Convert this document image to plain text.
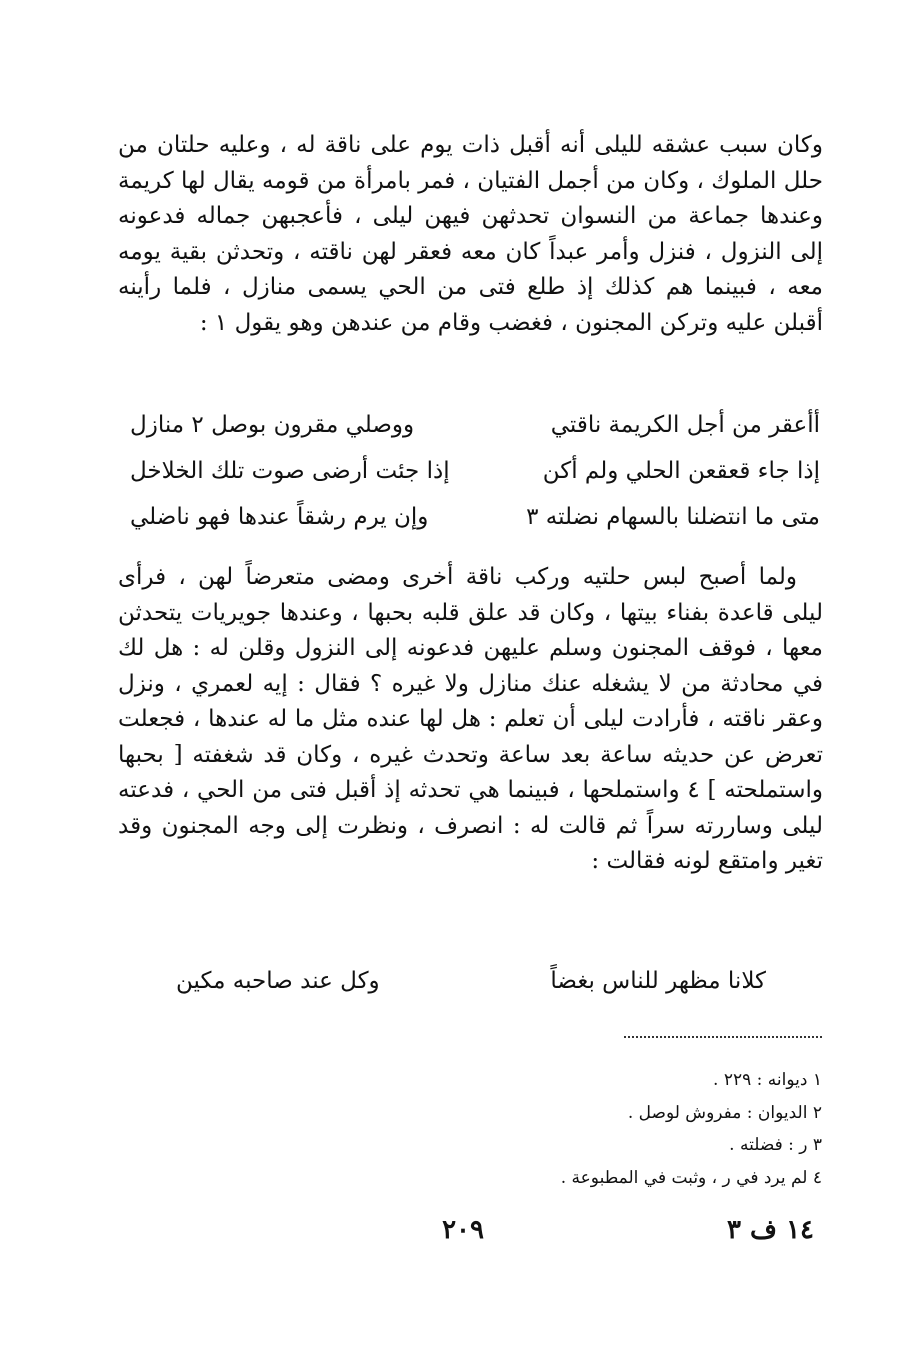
وكان سبب عشقه لليلى أنه أقبل ذات يوم على ناقة له ، وعليه حلتان من
حلل الملوك ، وكان من أجمل الفتيان ، فمر بامرأة من قومه يقال لها كريمة
وعندها جماعة من النسوان تحدثهن فيهن ليلى ، فأعجبهن جماله فدعونه
إلى النزول ، فنزل وأمر عبداً كان معه فعقر لهن ناقته ، وتحدثن بقية يومه
معه ، فبينما هم كذلك إذ طلع فتى من الحي يسمى منازل ، فلما رأينه
أقبلن عليه وتركن المجنون ، فغضب وقام من عندهن وهو يقول ١ :
أأعقر من أجل الكريمة ناقتي
ووصلي مقرون بوصل ٢ منازل
إذا جاء قعقعن الحلي ولم أكن
إذا جئت أرضى صوت تلك الخلاخل
متى ما انتضلنا بالسهام نضلته ٣
وإن يرم رشقاً عندها فهو ناضلي
ولما أصبح لبس حلتيه وركب ناقة أخرى ومضى متعرضاً لهن ، فرأى
ليلى قاعدة بفناء بيتها ، وكان قد علق قلبه بحبها ، وعندها جويريات يتحدثن
معها ، فوقف المجنون وسلم عليهن فدعونه إلى النزول وقلن له : هل لك
في محادثة من لا يشغله عنك منازل ولا غيره ؟ فقال : إيه لعمري ، ونزل
وعقر ناقته ، فأرادت ليلى أن تعلم : هل لها عنده مثل ما له عندها ، فجعلت
تعرض عن حديثه ساعة بعد ساعة وتحدث غيره ، وكان قد شغفته [ بحبها
واستملحته ] ٤ واستملحها ، فبينما هي تحدثه إذ أقبل فتى من الحي ، فدعته
ليلى وساررته سراً ثم قالت له : انصرف ، ونظرت إلى وجه المجنون وقد
تغير وامتقع لونه فقالت :
كلانا مظهر للناس بغضاً
وكل عند صاحبه مكين
١ ديوانه : ٢٢٩ .
٢ الديوان : مفروش لوصل .
٣ ر : فضلته .
٤ لم يرد في ر ، وثبت في المطبوعة .
١٤ ف ٣
٢٠٩
